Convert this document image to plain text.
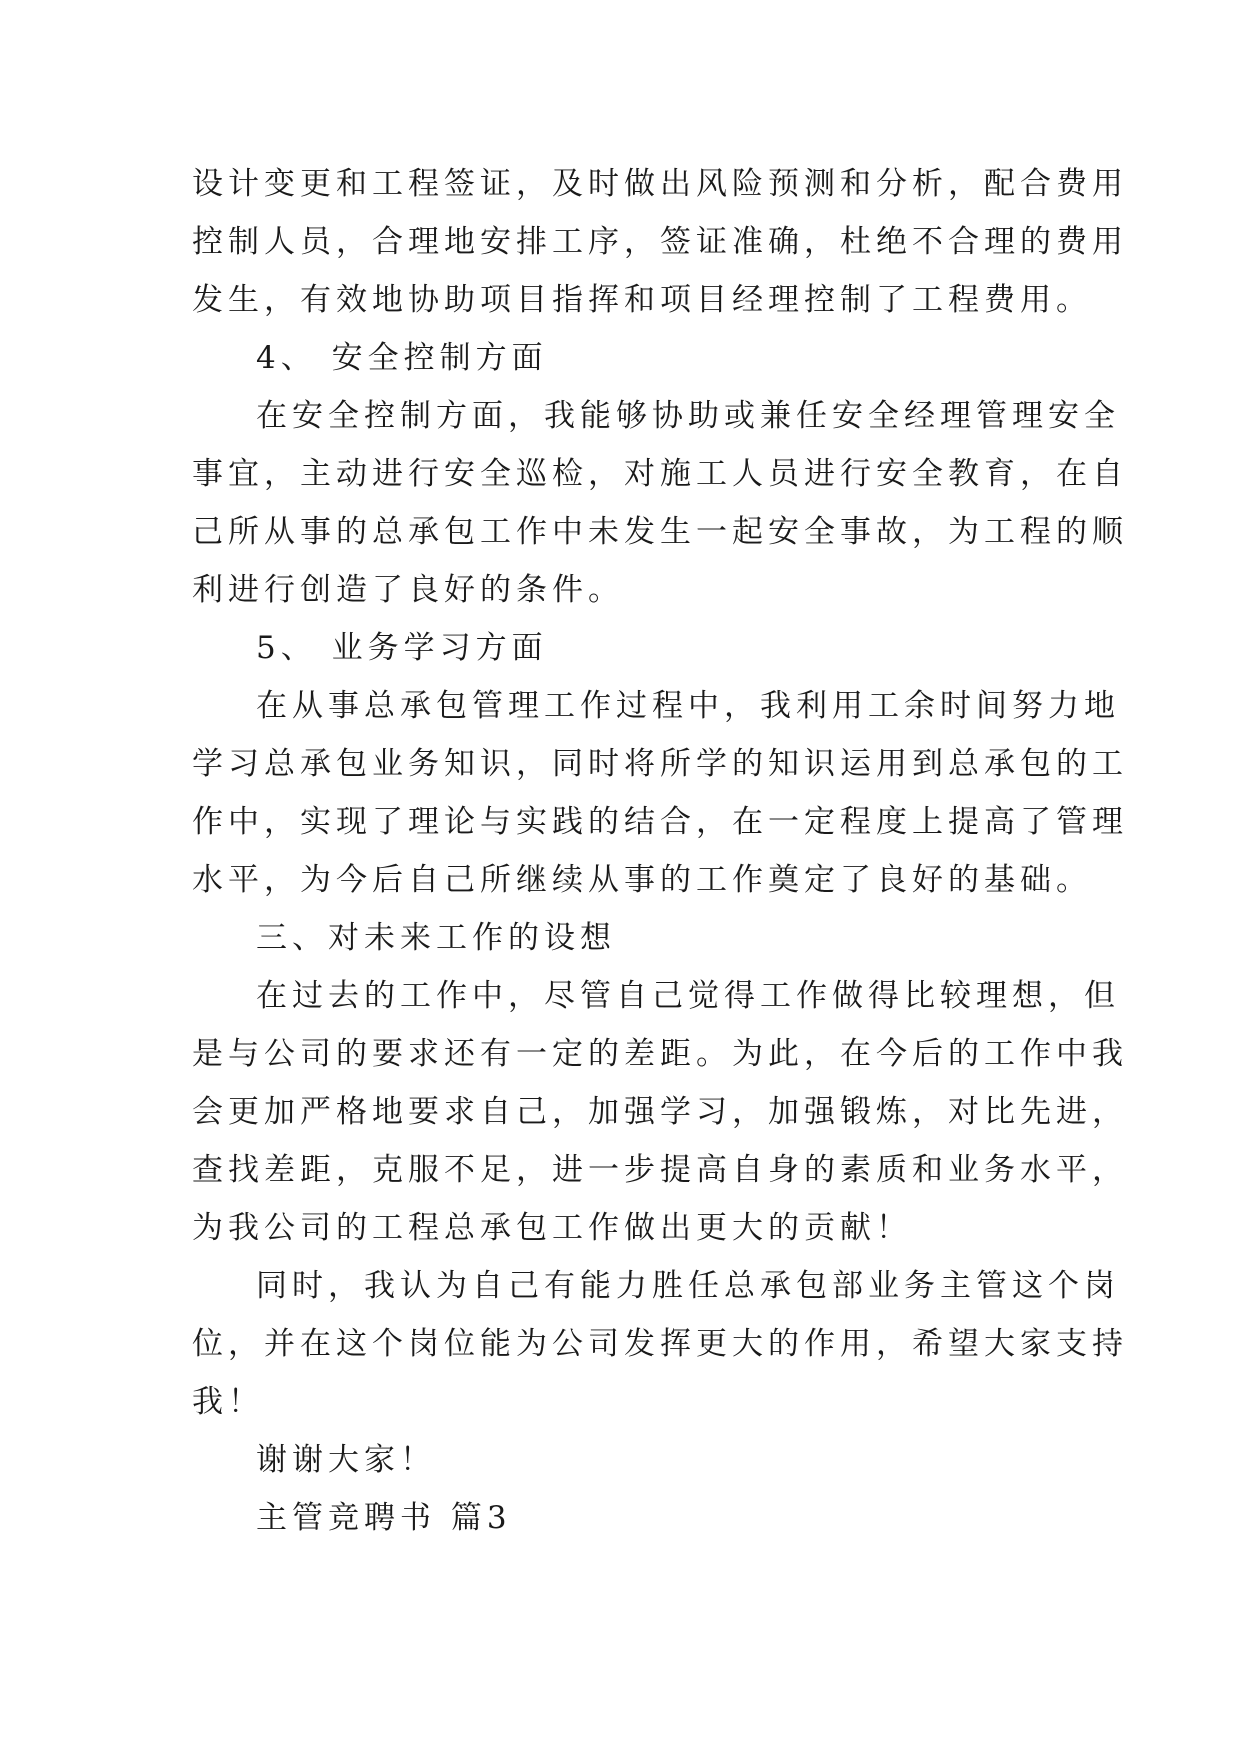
设计变更和工程签证，及时做出风险预测和分析，配合费用
控制人员，合理地安排工序，签证准确，杜绝不合理的费用
发生，有效地协助项目指挥和项目经理控制了工程费用。
4、 安全控制方面
在安全控制方面，我能够协助或兼任安全经理管理安全
事宜，主动进行安全巡检，对施工人员进行安全教育，在自
己所从事的总承包工作中未发生一起安全事故，为工程的顺
利进行创造了良好的条件。
5、 业务学习方面
在从事总承包管理工作过程中，我利用工余时间努力地
学习总承包业务知识，同时将所学的知识运用到总承包的工
作中，实现了理论与实践的结合，在一定程度上提高了管理
水平，为今后自己所继续从事的工作奠定了良好的基础。
三、对未来工作的设想
在过去的工作中，尽管自己觉得工作做得比较理想，但
是与公司的要求还有一定的差距。为此，在今后的工作中我
会更加严格地要求自己，加强学习，加强锻炼，对比先进，
查找差距，克服不足，进一步提高自身的素质和业务水平，
为我公司的工程总承包工作做出更大的贡献！
同时，我认为自己有能力胜任总承包部业务主管这个岗
位，并在这个岗位能为公司发挥更大的作用，希望大家支持
我！
谢谢大家！
主管竞聘书 篇3
